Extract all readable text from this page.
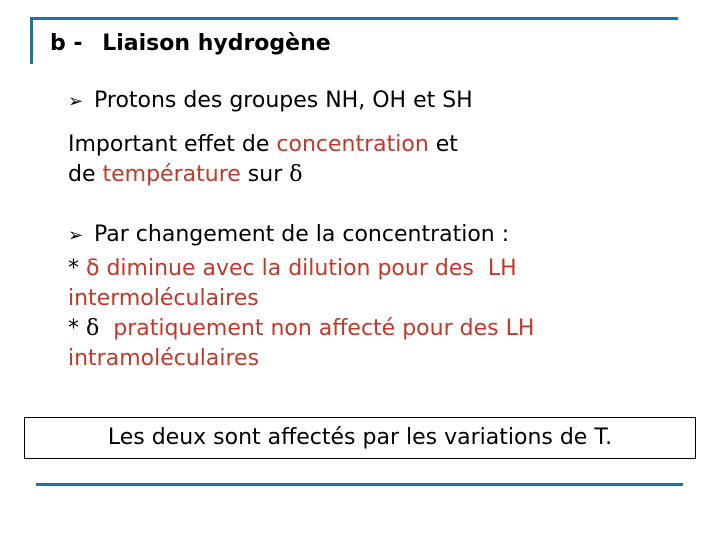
b - Liaison hydrogène
➢ Protons des groupes NH, OH et SH
Important effet de concentration et
de température sur δ
➢ Par changement de la concentration :
* δ diminue avec la dilution pour des  LH
intermoléculaires
* δ  pratiquement non affecté pour des LH
intramoléculaires
Les deux sont affectés par les variations de T.
